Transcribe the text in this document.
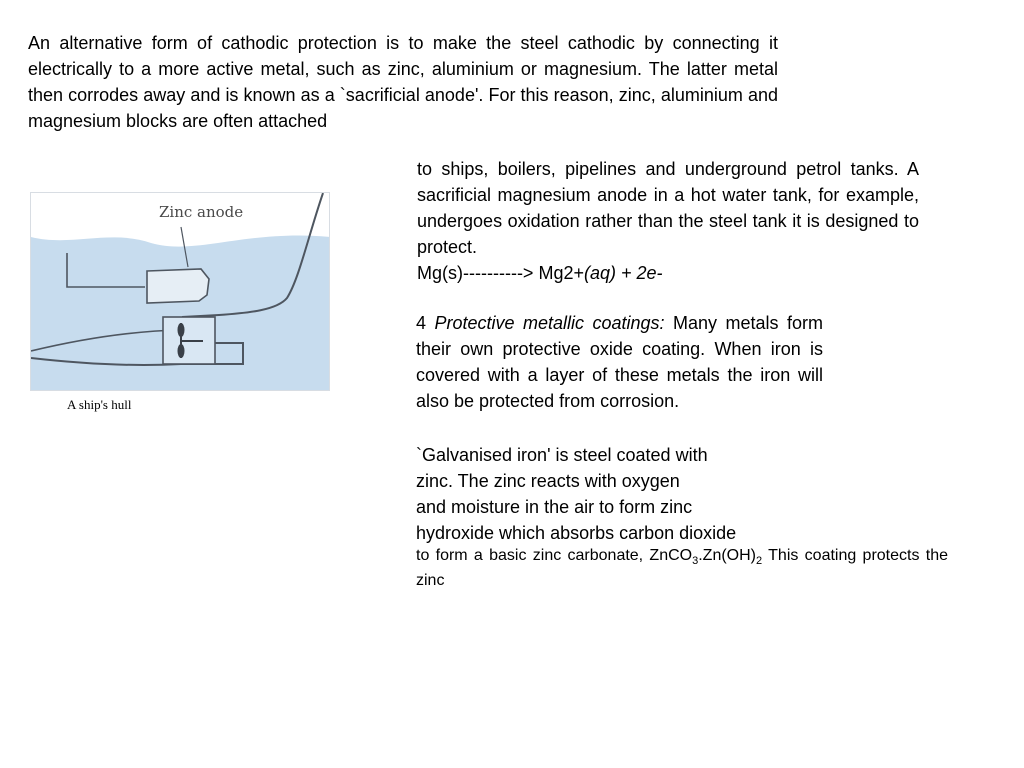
An alternative form of cathodic protection is to make the steel cathodic by connecting it electrically to a more active metal, such as zinc, aluminium or magnesium. The latter metal then corrodes away and is known as a `sacrificial anode'. For this reason, zinc, aluminium and magnesium blocks are often attached

Zinc anode
A ship's hull

to ships, boilers, pipelines and underground petrol tanks. A sacrificial magnesium anode in a hot water tank, for example, undergoes oxidation rather than the steel tank it is designed to protect.
Mg(s)----------> Mg2+(aq) + 2e-

4 Protective metallic coatings: Many metals form their own protective oxide coating. When iron is covered with a layer of these metals the iron will also be protected from corrosion.

`Galvanised iron' is steel coated with
zinc. The zinc reacts with oxygen
and moisture in the air to form zinc
hydroxide which absorbs carbon dioxide

to form a basic zinc carbonate, $ZnCO_3.Zn(OH)_2$ This coating protects the zinc
